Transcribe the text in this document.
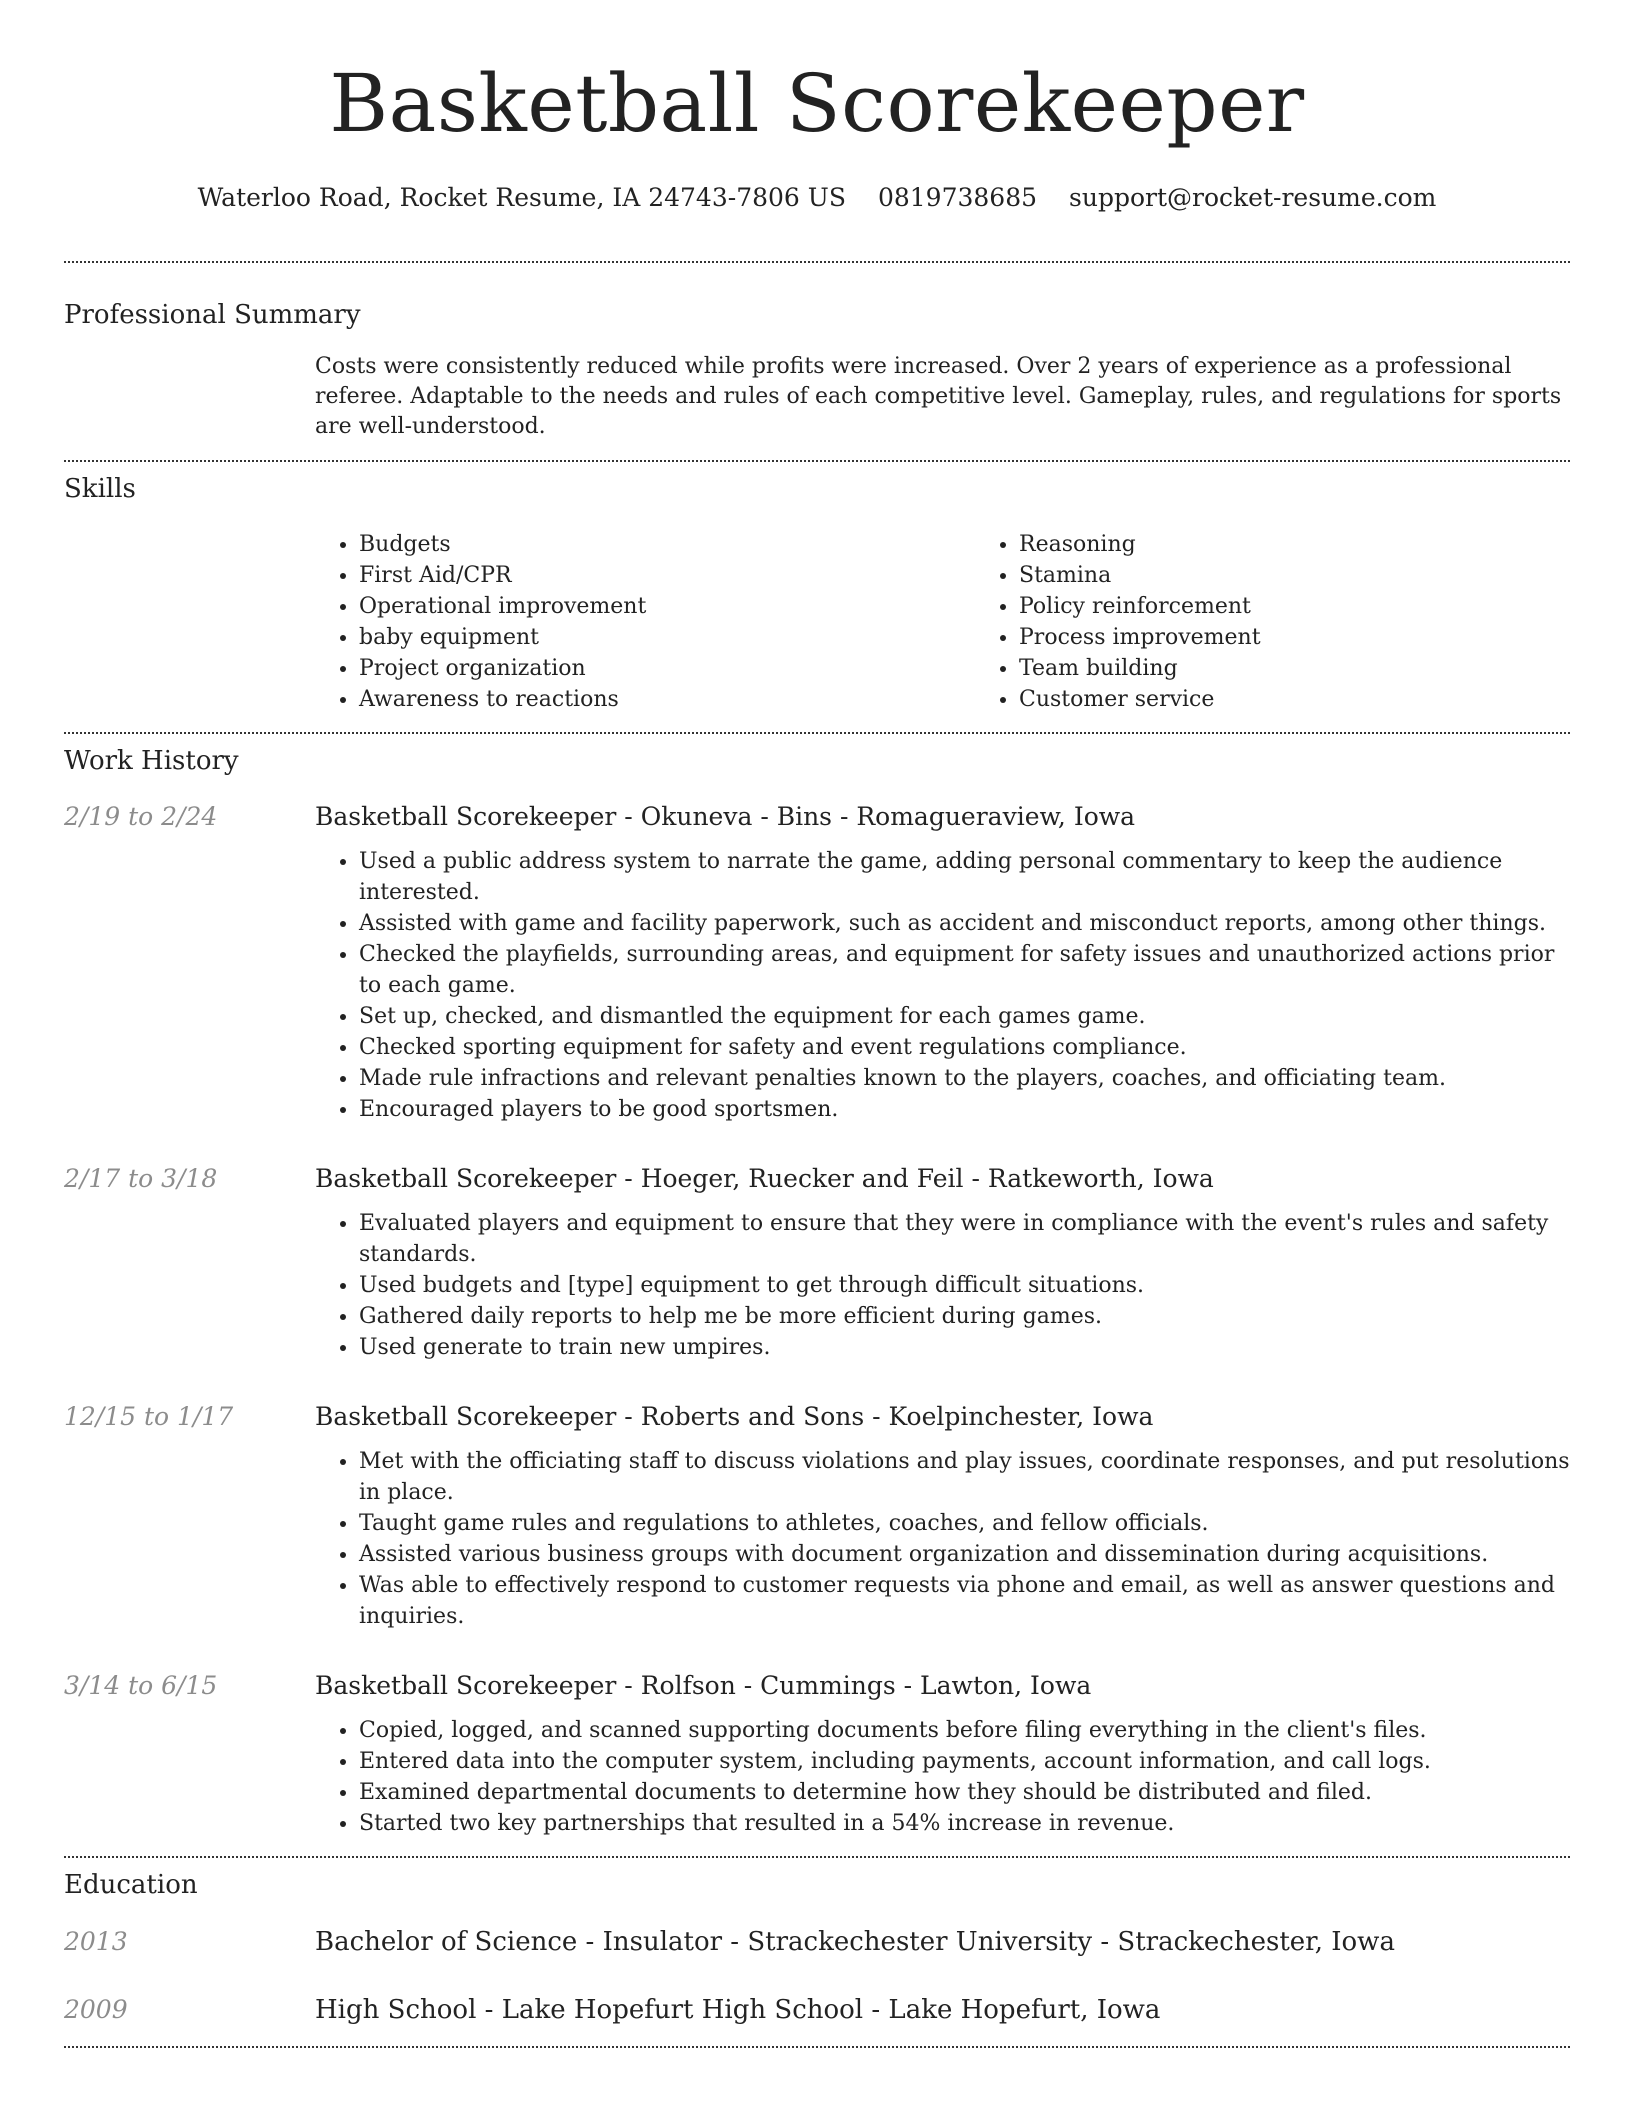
Basketball Scorekeeper
Waterloo Road, Rocket Resume, IA 24743-7806 US 0819738685 support@rocket-resume.com
Professional Summary

Costs were consistently reduced while profits were increased. Over 2 years of experience as a professional referee. Adaptable to the needs and rules of each competitive level. Gameplay, rules, and regulations for sports are well-understood.

Skills
• Budgets
• First Aid/CPR
• Operational improvement
• baby equipment
• Project organization
• Awareness to reactions
• Reasoning
• Stamina
• Policy reinforcement
• Process improvement
• Team building
• Customer service
Work History
2/19 to 2/24	Basketball Scorekeeper - Okuneva - Bins - Romagueraview, Iowa
• Used a public address system to narrate the game, adding personal commentary to keep the audience interested.
• Assisted with game and facility paperwork, such as accident and misconduct reports, among other things.
• Checked the playfields, surrounding areas, and equipment for safety issues and unauthorized actions prior to each game.
• Set up, checked, and dismantled the equipment for each games game.
• Checked sporting equipment for safety and event regulations compliance.
• Made rule infractions and relevant penalties known to the players, coaches, and officiating team.
• Encouraged players to be good sportsmen.
2/17 to 3/18	Basketball Scorekeeper - Hoeger, Ruecker and Feil - Ratkeworth, Iowa
• Evaluated players and equipment to ensure that they were in compliance with the event's rules and safety standards.
• Used budgets and [type] equipment to get through difficult situations.
• Gathered daily reports to help me be more efficient during games.
• Used generate to train new umpires.
12/15 to 1/17	Basketball Scorekeeper - Roberts and Sons - Koelpinchester, Iowa
• Met with the officiating staff to discuss violations and play issues, coordinate responses, and put resolutions in place.
• Taught game rules and regulations to athletes, coaches, and fellow officials.
• Assisted various business groups with document organization and dissemination during acquisitions.
• Was able to effectively respond to customer requests via phone and email, as well as answer questions and inquiries.
3/14 to 6/15	Basketball Scorekeeper - Rolfson - Cummings - Lawton, Iowa
• Copied, logged, and scanned supporting documents before filing everything in the client's files.
• Entered data into the computer system, including payments, account information, and call logs.
• Examined departmental documents to determine how they should be distributed and filed.
• Started two key partnerships that resulted in a 54% increase in revenue.
Education
2013	Bachelor of Science - Insulator - Strackechester University - Strackechester, Iowa
2009	High School - Lake Hopefurt High School - Lake Hopefurt, Iowa
